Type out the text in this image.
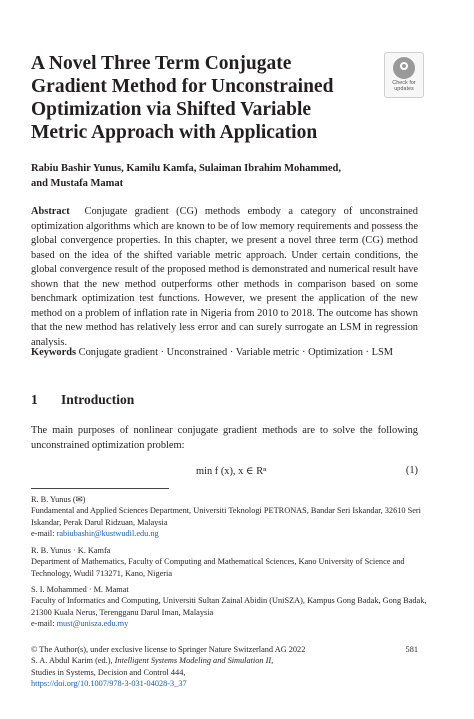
A Novel Three Term Conjugate Gradient Method for Unconstrained Optimization via Shifted Variable Metric Approach with Application
Check for
updates
Rabiu Bashir Yunus, Kamilu Kamfa, Sulaiman Ibrahim Mohammed,
and Mustafa Mamat
Abstract Conjugate gradient (CG) methods embody a category of unconstrained optimization algorithms which are known to be of low memory requirements and possess the global convergence properties. In this chapter, we present a novel three term (CG) method based on the idea of the shifted variable metric approach. Under certain conditions, the global convergence result of the proposed method is demonstrated and numerical result have shown that the new method outperforms other methods in comparison based on some benchmark optimization test functions. However, we present the application of the new method on a problem of inflation rate in Nigeria from 2010 to 2018. The outcome has shown that the new method has relatively less error and can surely surrogate an LSM in regression analysis.
Keywords Conjugate gradient · Unconstrained · Variable metric · Optimization · LSM
1 Introduction
The main purposes of nonlinear conjugate gradient methods are to solve the following unconstrained optimization problem:
min f (x), x ∈ Rⁿ	(1)
R. B. Yunus (✉)
Fundamental and Applied Sciences Department, Universiti Teknologi PETRONAS, Bandar Seri Iskandar, 32610 Seri Iskandar, Perak Darul Ridzuan, Malaysia
e-mail: rabiubashir@kustwudil.edu.ng
R. B. Yunus · K. Kamfa
Department of Mathematics, Faculty of Computing and Mathematical Sciences, Kano University of Science and Technology, Wudil 713271, Kano, Nigeria
S. I. Mohammed · M. Mamat
Faculty of Informatics and Computing, Universiti Sultan Zainal Abidin (UniSZA), Kampus Gong Badak, Gong Badak, 21300 Kuala Nerus, Terengganu Darul Iman, Malaysia
e-mail: must@unisza.edu.my
© The Author(s), under exclusive license to Springer Nature Switzerland AG 2022	581
S. A. Abdul Karim (ed.), Intelligent Systems Modeling and Simulation II,
Studies in Systems, Decision and Control 444,
https://doi.org/10.1007/978-3-031-04028-3_37
